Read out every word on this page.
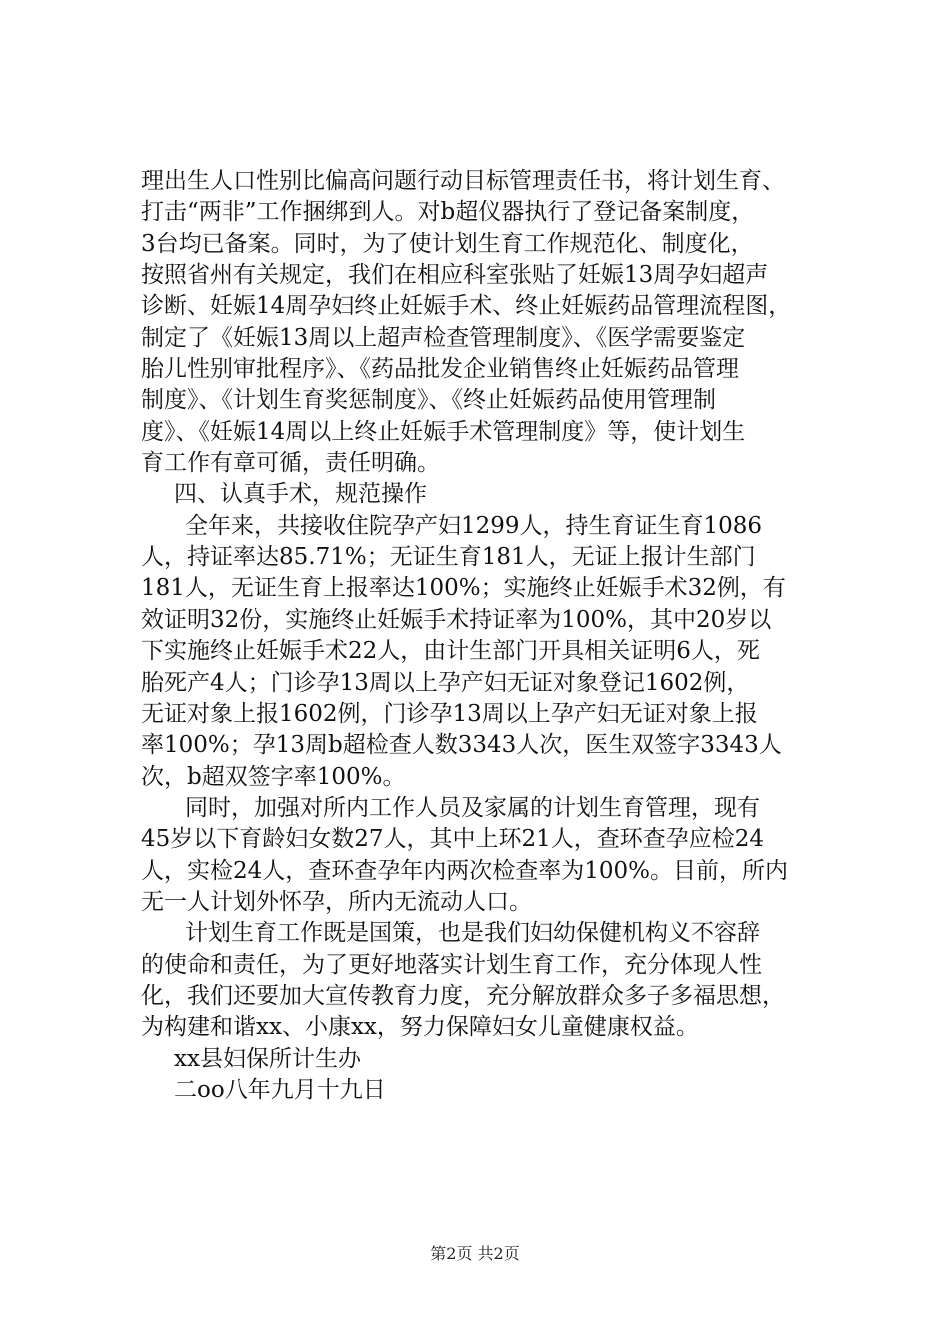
理出生人口性别比偏高问题行动目标管理责任书，将计划生育、
打击“两非”工作捆绑到人。对b超仪器执行了登记备案制度，
3台均已备案。同时，为了使计划生育工作规范化、制度化，
按照省州有关规定，我们在相应科室张贴了妊娠13周孕妇超声
诊断、妊娠14周孕妇终止妊娠手术、终止妊娠药品管理流程图，
制定了《妊娠13周以上超声检查管理制度》、《医学需要鉴定
胎儿性别审批程序》、《药品批发企业销售终止妊娠药品管理
制度》、《计划生育奖惩制度》、《终止妊娠药品使用管理制
度》、《妊娠14周以上终止妊娠手术管理制度》等，使计划生
育工作有章可循，责任明确。
四、认真手术，规范操作
全年来，共接收住院孕产妇1299人，持生育证生育1086
人，持证率达85.71%；无证生育181人，无证上报计生部门
181人，无证生育上报率达100%；实施终止妊娠手术32例，有
效证明32份，实施终止妊娠手术持证率为100%，其中20岁以
下实施终止妊娠手术22人，由计生部门开具相关证明6人，死
胎死产4人；门诊孕13周以上孕产妇无证对象登记1602例，
无证对象上报1602例，门诊孕13周以上孕产妇无证对象上报
率100%；孕13周b超检查人数3343人次，医生双签字3343人
次，b超双签字率100%。
同时，加强对所内工作人员及家属的计划生育管理，现有
45岁以下育龄妇女数27人，其中上环21人，查环查孕应检24
人，实检24人，查环查孕年内两次检查率为100%。目前，所内
无一人计划外怀孕，所内无流动人口。
计划生育工作既是国策，也是我们妇幼保健机构义不容辞
的使命和责任，为了更好地落实计划生育工作，充分体现人性
化，我们还要加大宣传教育力度，充分解放群众多子多福思想，
为构建和谐xx、小康xx，努力保障妇女儿童健康权益。
xx县妇保所计生办
二oo八年九月十九日
第2页 共2页
